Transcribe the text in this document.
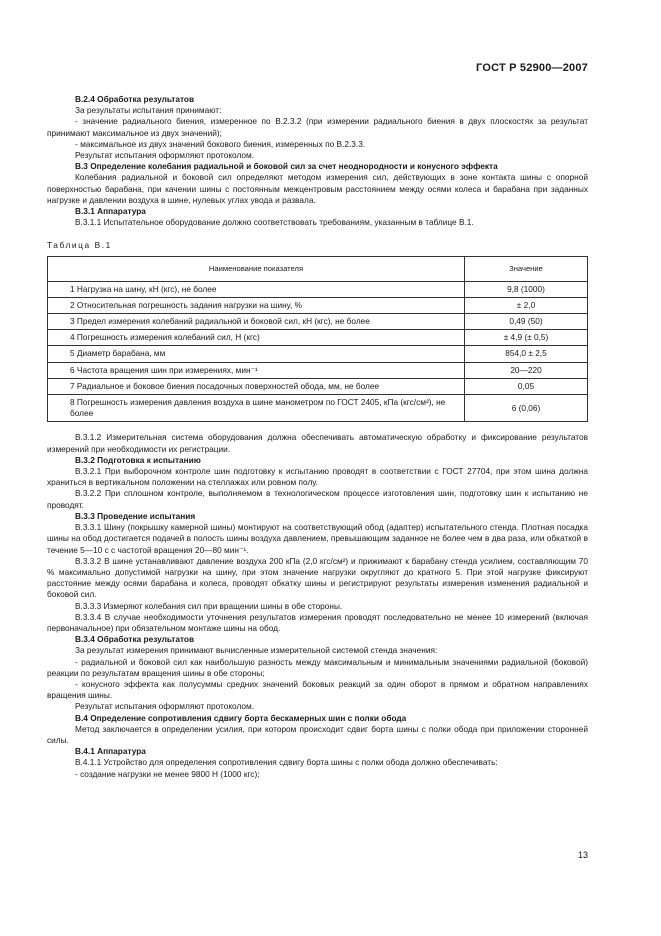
ГОСТ Р 52900—2007
В.2.4 Обработка результатов
За результаты испытания принимают:
- значение радиального биения, измеренное по В.2.3.2 (при измерении радиального биения в двух плоскостях за результат принимают максимальное из двух значений);
- максимальное из двух значений бокового биения, измеренных по В.2.3.3.
Результат испытания оформляют протоколом.
В.3 Определение колебания радиальной и боковой сил за счет неоднородности и конусного эффекта
Колебания радиальной и боковой сил определяют методом измерения сил, действующих в зоне контакта шины с опорной поверхностью барабана, при качении шины с постоянным межцентровым расстоянием между осями колеса и барабана при заданных нагрузке и давлении воздуха в шине, нулевых углах увода и развала.
В.3.1 Аппаратура
В.3.1.1 Испытательное оборудование должно соответствовать требованиям, указанным в таблице В.1.
Таблица В.1
Наименование показателя	Значение
1 Нагрузка на шину, кН (кгс), не более	9,8 (1000)
2 Относительная погрешность задания нагрузки на шину, %	± 2,0
3 Предел измерения колебаний радиальной и боковой сил, кН (кгс), не более	0,49 (50)
4 Погрешность измерения колебаний сил, Н (кгс)	± 4,9 (± 0,5)
5 Диаметр барабана, мм	854,0 ± 2,5
6 Частота вращения шин при измерениях, мин⁻¹	20—220
7 Радиальное и боковое биения посадочных поверхностей обода, мм, не более	0,05
8 Погрешность измерения давления воздуха в шине манометром по ГОСТ 2405, кПа (кгс/см²), не более	6 (0,06)
В.3.1.2 Измерительная система оборудования должна обеспечивать автоматическую обработку и фиксирование результатов измерений при необходимости их регистрации.
В.3.2 Подготовка к испытанию
В.3.2.1 При выборочном контроле шин подготовку к испытанию проводят в соответствии с ГОСТ 27704, при этом шина должна храниться в вертикальном положении на стеллажах или ровном полу.
В.3.2.2 При сплошном контроле, выполняемом в технологическом процессе изготовления шин, подготовку шин к испытанию не проводят.
В.3.3 Проведение испытания
В.3.3.1 Шину (покрышку камерной шины) монтируют на соответствующий обод (адаптер) испытательного стенда. Плотная посадка шины на обод достигается подачей в полость шины воздуха давлением, превышающим заданное не более чем в два раза, или обкаткой в течение 5—10 с с частотой вращения 20—80 мин⁻¹.
В.3.3.2 В шине устанавливают давление воздуха 200 кПа (2,0 кгс/см²) и прижимают к барабану стенда усилием, составляющим 70 % максимально допустимой нагрузки на шину, при этом значение нагрузки округляют до кратного 5. При этой нагрузке фиксируют расстояние между осями барабана и колеса, проводят обкатку шины и регистрируют результаты измерения изменения радиальной и боковой сил.
В.3.3.3 Измеряют колебания сил при вращении шины в обе стороны.
В.3.3.4 В случае необходимости уточнения результатов измерения проводят последовательно не менее 10 измерений (включая первоначальное) при обязательном монтаже шины на обод.
В.3.4 Обработка результатов
За результат измерения принимают вычисленные измерительной системой стенда значения:
- радиальной и боковой сил как наибольшую разность между максимальным и минимальным значениями радиальной (боковой) реакции по результатам вращения шины в обе стороны;
- конусного эффекта как полусуммы средних значений боковых реакций за один оборот в прямом и обратном направлениях вращения шины.
Результат испытания оформляют протоколом.
В.4 Определение сопротивления сдвигу борта бескамерных шин с полки обода
Метод заключается в определении усилия, при котором происходит сдвиг борта шины с полки обода при приложении сторонней силы.
В.4.1 Аппаратура
В.4.1.1 Устройство для определения сопротивления сдвигу борта шины с полки обода должно обеспечивать:
- создание нагрузки не менее 9800 Н (1000 кгс);
13
